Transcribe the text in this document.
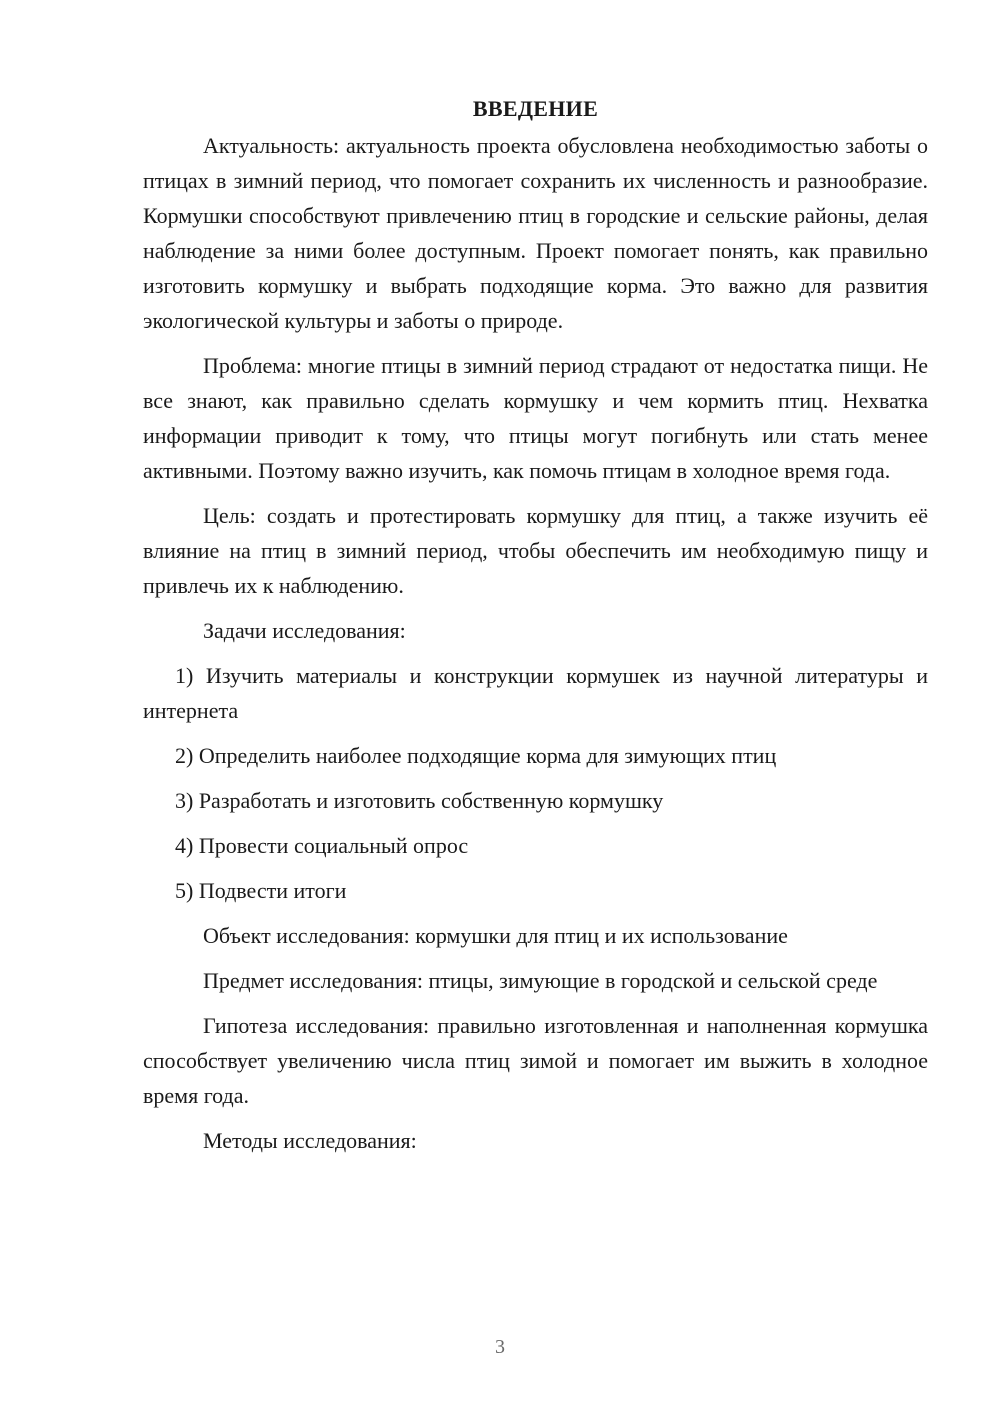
ВВЕДЕНИЕ

Актуальность: актуальность проекта обусловлена необходимостью заботы о птицах в зимний период, что помогает сохранить их численность и разнообразие. Кормушки способствуют привлечению птиц в городские и сельские районы, делая наблюдение за ними более доступным. Проект помогает понять, как правильно изготовить кормушку и выбрать подходящие корма. Это важно для развития экологической культуры и заботы о природе.

Проблема: многие птицы в зимний период страдают от недостатка пищи. Не все знают, как правильно сделать кормушку и чем кормить птиц. Нехватка информации приводит к тому, что птицы могут погибнуть или стать менее активными. Поэтому важно изучить, как помочь птицам в холодное время года.

Цель: создать и протестировать кормушку для птиц, а также изучить её влияние на птиц в зимний период, чтобы обеспечить им необходимую пищу и привлечь их к наблюдению.

Задачи исследования:

1) Изучить материалы и конструкции кормушек из научной литературы и интернета

2) Определить наиболее подходящие корма для зимующих птиц

3) Разработать и изготовить собственную кормушку

4) Провести социальный опрос

5) Подвести итоги

Объект исследования: кормушки для птиц и их использование

Предмет исследования: птицы, зимующие в городской и сельской среде

Гипотеза исследования: правильно изготовленная и наполненная кормушка способствует увеличению числа птиц зимой и помогает им выжить в холодное время года.

Методы исследования:

3
